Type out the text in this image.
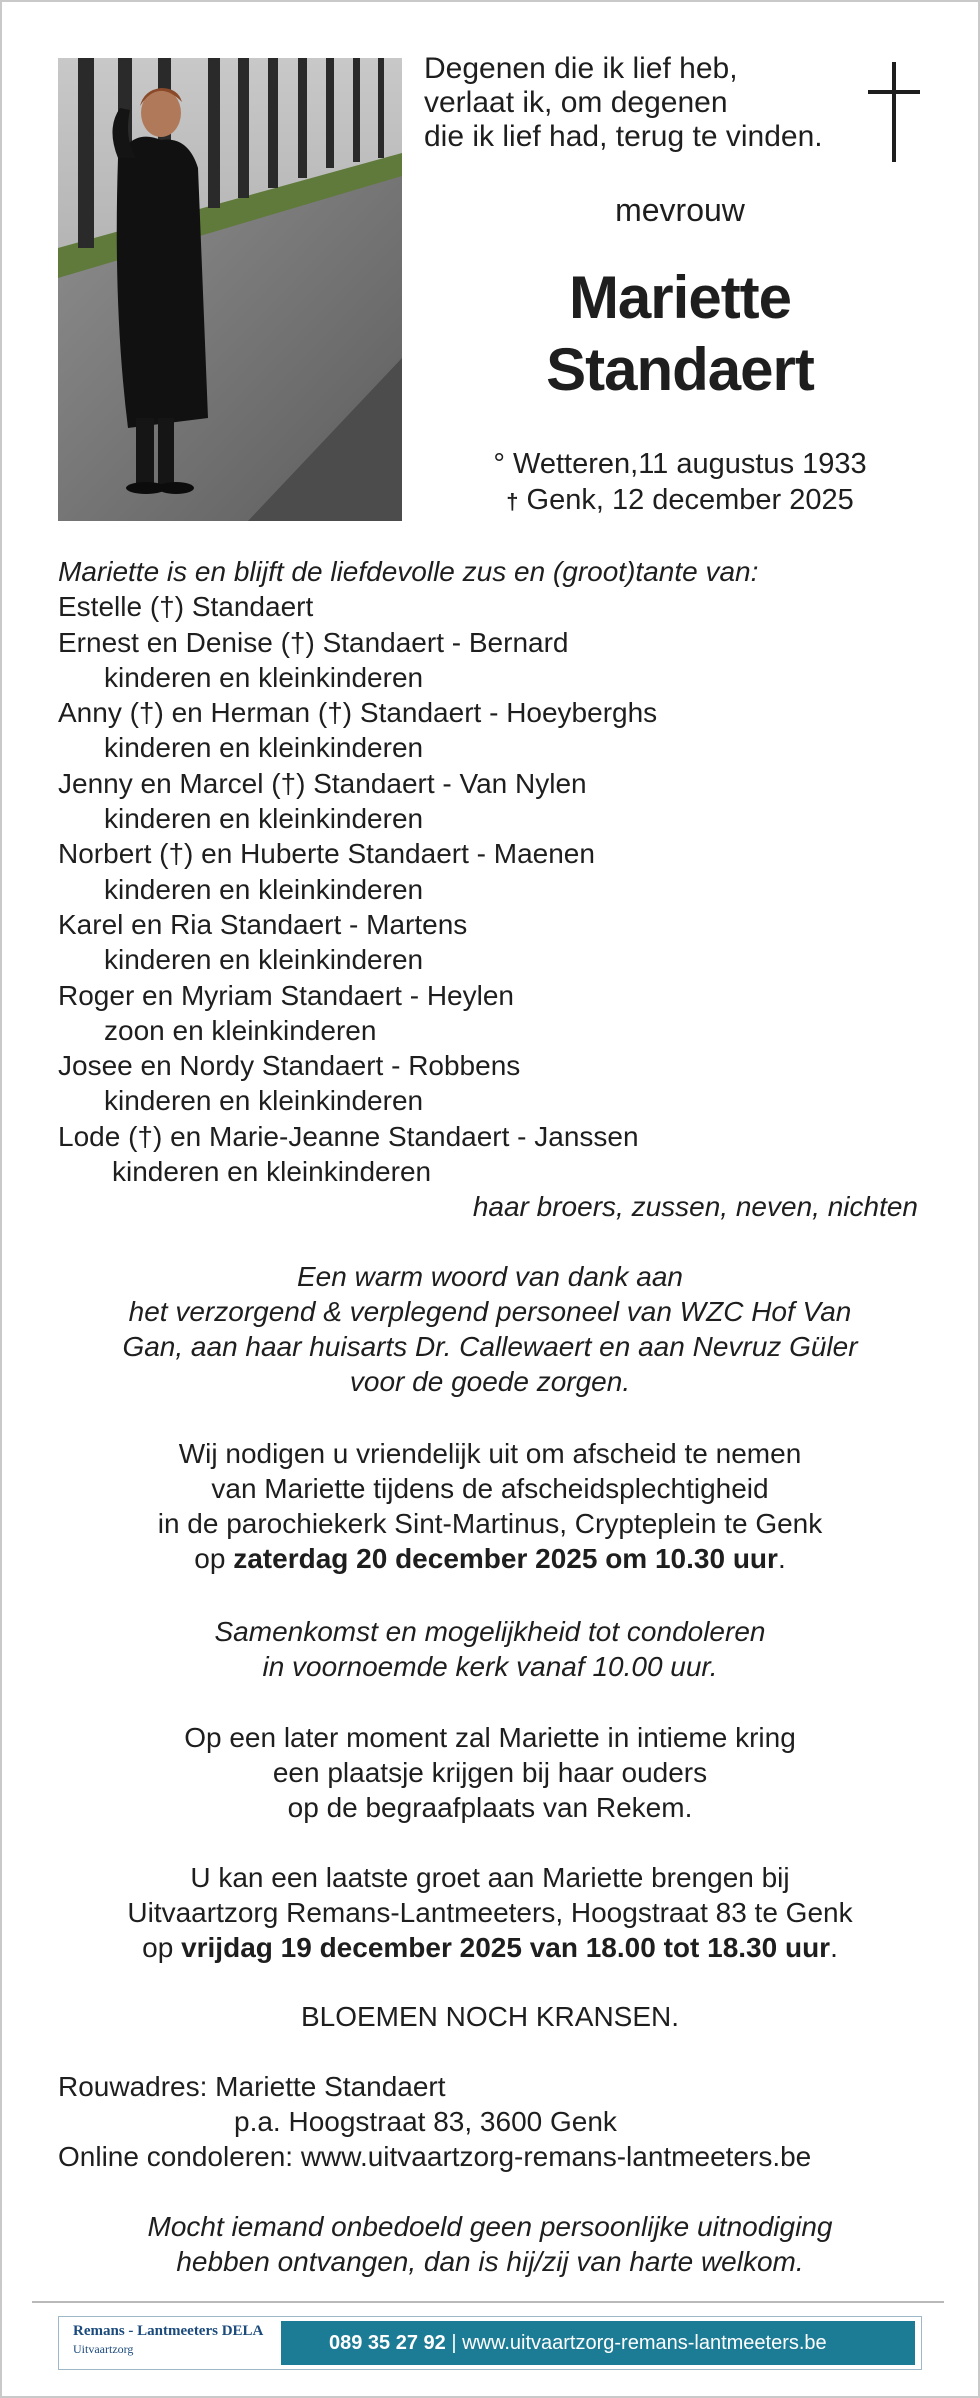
Degenen die ik lief heb,
verlaat ik, om degenen
die ik lief had, terug te vinden.
mevrouw
Mariette
Standaert
° Wetteren,11 augustus 1933
† Genk, 12 december 2025
Mariette is en blijft de liefdevolle zus en (groot)tante van:
Estelle (†) Standaert
Ernest en Denise (†) Standaert - Bernard
kinderen en kleinkinderen
Anny (†) en Herman (†) Standaert - Hoeyberghs
kinderen en kleinkinderen
Jenny en Marcel (†) Standaert - Van Nylen
kinderen en kleinkinderen
Norbert (†) en Huberte Standaert - Maenen
kinderen en kleinkinderen
Karel en Ria Standaert - Martens
kinderen en kleinkinderen
Roger en Myriam Standaert - Heylen
zoon en kleinkinderen
Josee en Nordy Standaert - Robbens
kinderen en kleinkinderen
Lode (†) en Marie-Jeanne Standaert - Janssen
kinderen en kleinkinderen
haar broers, zussen, neven, nichten
Een warm woord van dank aan
het verzorgend & verplegend personeel van WZC Hof Van
Gan, aan haar huisarts Dr. Callewaert en aan Nevruz Güler
voor de goede zorgen.
Wij nodigen u vriendelijk uit om afscheid te nemen
van Mariette tijdens de afscheidsplechtigheid
in de parochiekerk Sint-Martinus, Crypteplein te Genk
op zaterdag 20 december 2025 om 10.30 uur.
Samenkomst en mogelijkheid tot condoleren
in voornoemde kerk vanaf 10.00 uur.
Op een later moment zal Mariette in intieme kring
een plaatsje krijgen bij haar ouders
op de begraafplaats van Rekem.
U kan een laatste groet aan Mariette brengen bij
Uitvaartzorg Remans-Lantmeeters, Hoogstraat 83 te Genk
op vrijdag 19 december 2025 van 18.00 tot 18.30 uur.
BLOEMEN NOCH KRANSEN.
Rouwadres: Mariette Standaert
p.a. Hoogstraat 83, 3600 Genk
Online condoleren: www.uitvaartzorg-remans-lantmeeters.be
Mocht iemand onbedoeld geen persoonlijke uitnodiging
hebben ontvangen, dan is hij/zij van harte welkom.
Remans - Lantmeeters DELA
Uitvaartzorg	089 35 27 92 | www.uitvaartzorg-remans-lantmeeters.be
